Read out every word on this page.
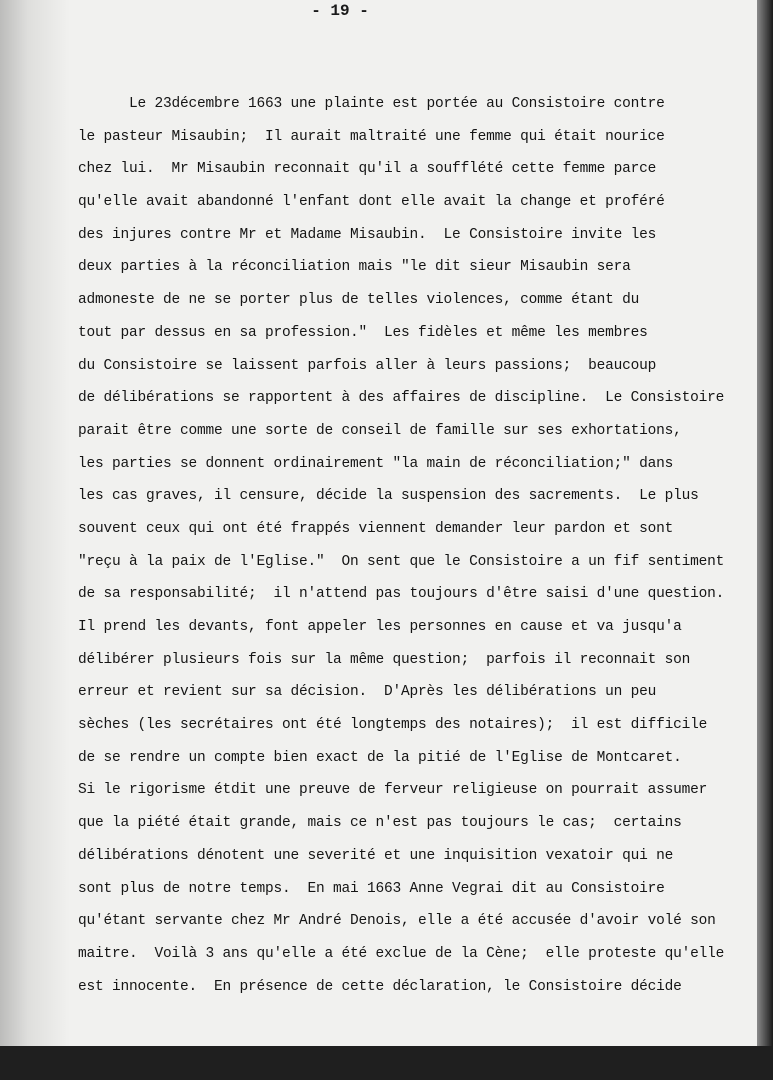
- 19 -
Le 23décembre 1663 une plainte est portée au Consistoire contre
le pasteur Misaubin;  Il aurait maltraité une femme qui était nourice
chez lui.  Mr Misaubin reconnait qu'il a soufflété cette femme parce
qu'elle avait abandonné l'enfant dont elle avait la change et proféré
des injures contre Mr et Madame Misaubin.  Le Consistoire invite les
deux parties à la réconciliation mais "le dit sieur Misaubin sera
admoneste de ne se porter plus de telles violences, comme étant du
tout par dessus en sa profession."  Les fidèles et même les membres
du Consistoire se laissent parfois aller à leurs passions;  beaucoup
de délibérations se rapportent à des affaires de discipline.  Le Consistoire
parait être comme une sorte de conseil de famille sur ses exhortations,
les parties se donnent ordinairement "la main de réconciliation;" dans
les cas graves, il censure, décide la suspension des sacrements.  Le plus
souvent ceux qui ont été frappés viennent demander leur pardon et sont
"reçu à la paix de l'Eglise."  On sent que le Consistoire a un fif sentiment
de sa responsabilité;  il n'attend pas toujours d'être saisi d'une question.
Il prend les devants, font appeler les personnes en cause et va jusqu'a
délibérer plusieurs fois sur la même question;  parfois il reconnait son
erreur et revient sur sa décision.  D'Après les délibérations un peu
sèches (les secrétaires ont été longtemps des notaires);  il est difficile
de se rendre un compte bien exact de la pitié de l'Eglise de Montcaret.
Si le rigorisme étdit une preuve de ferveur religieuse on pourrait assumer
que la piété était grande, mais ce n'est pas toujours le cas;  certains
délibérations dénotent une severité et une inquisition vexatoir qui ne
sont plus de notre temps.  En mai 1663 Anne Vegrai dit au Consistoire
qu'étant servante chez Mr André Denois, elle a été accusée d'avoir volé son
maitre.  Voilà 3 ans qu'elle a été exclue de la Cène;  elle proteste qu'elle
est innocente.  En présence de cette déclaration, le Consistoire décide
